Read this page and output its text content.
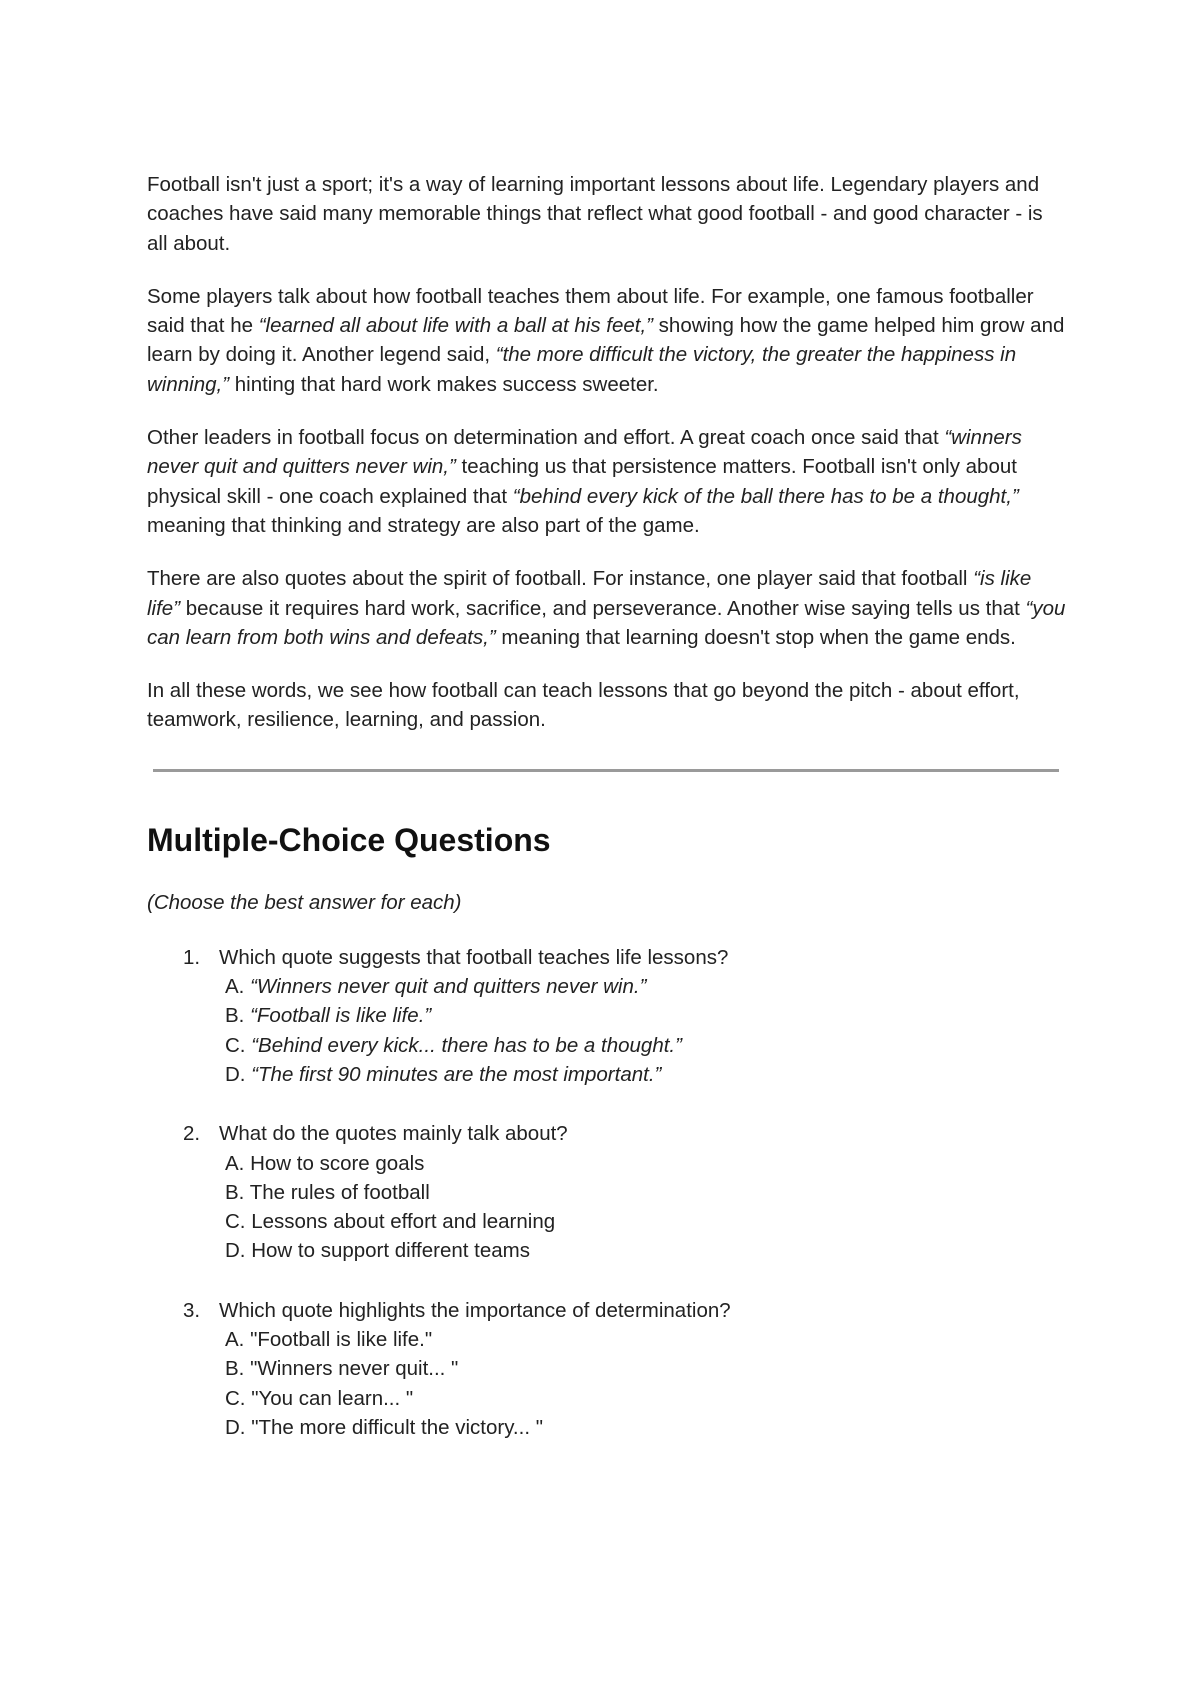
Football isn't just a sport; it's a way of learning important lessons about life. Legendary players and coaches have said many memorable things that reflect what good football - and good character - is all about.

Some players talk about how football teaches them about life. For example, one famous footballer said that he “learned all about life with a ball at his feet,” showing how the game helped him grow and learn by doing it. Another legend said, “the more difficult the victory, the greater the happiness in winning,” hinting that hard work makes success sweeter.

Other leaders in football focus on determination and effort. A great coach once said that “winners never quit and quitters never win,” teaching us that persistence matters. Football isn't only about physical skill - one coach explained that “behind every kick of the ball there has to be a thought,” meaning that thinking and strategy are also part of the game.

There are also quotes about the spirit of football. For instance, one player said that football “is like life” because it requires hard work, sacrifice, and perseverance. Another wise saying tells us that “you can learn from both wins and defeats,” meaning that learning doesn't stop when the game ends.

In all these words, we see how football can teach lessons that go beyond the pitch - about effort, teamwork, resilience, learning, and passion.

Multiple-Choice Questions

(Choose the best answer for each)

1. Which quote suggests that football teaches life lessons?
A. “Winners never quit and quitters never win.”
B. “Football is like life.”
C. “Behind every kick... there has to be a thought.”
D. “The first 90 minutes are the most important.”
2. What do the quotes mainly talk about?
A. How to score goals
B. The rules of football
C. Lessons about effort and learning
D. How to support different teams
3. Which quote highlights the importance of determination?
A. "Football is like life."
B. "Winners never quit... "
C. "You can learn... "
D. "The more difficult the victory... "
